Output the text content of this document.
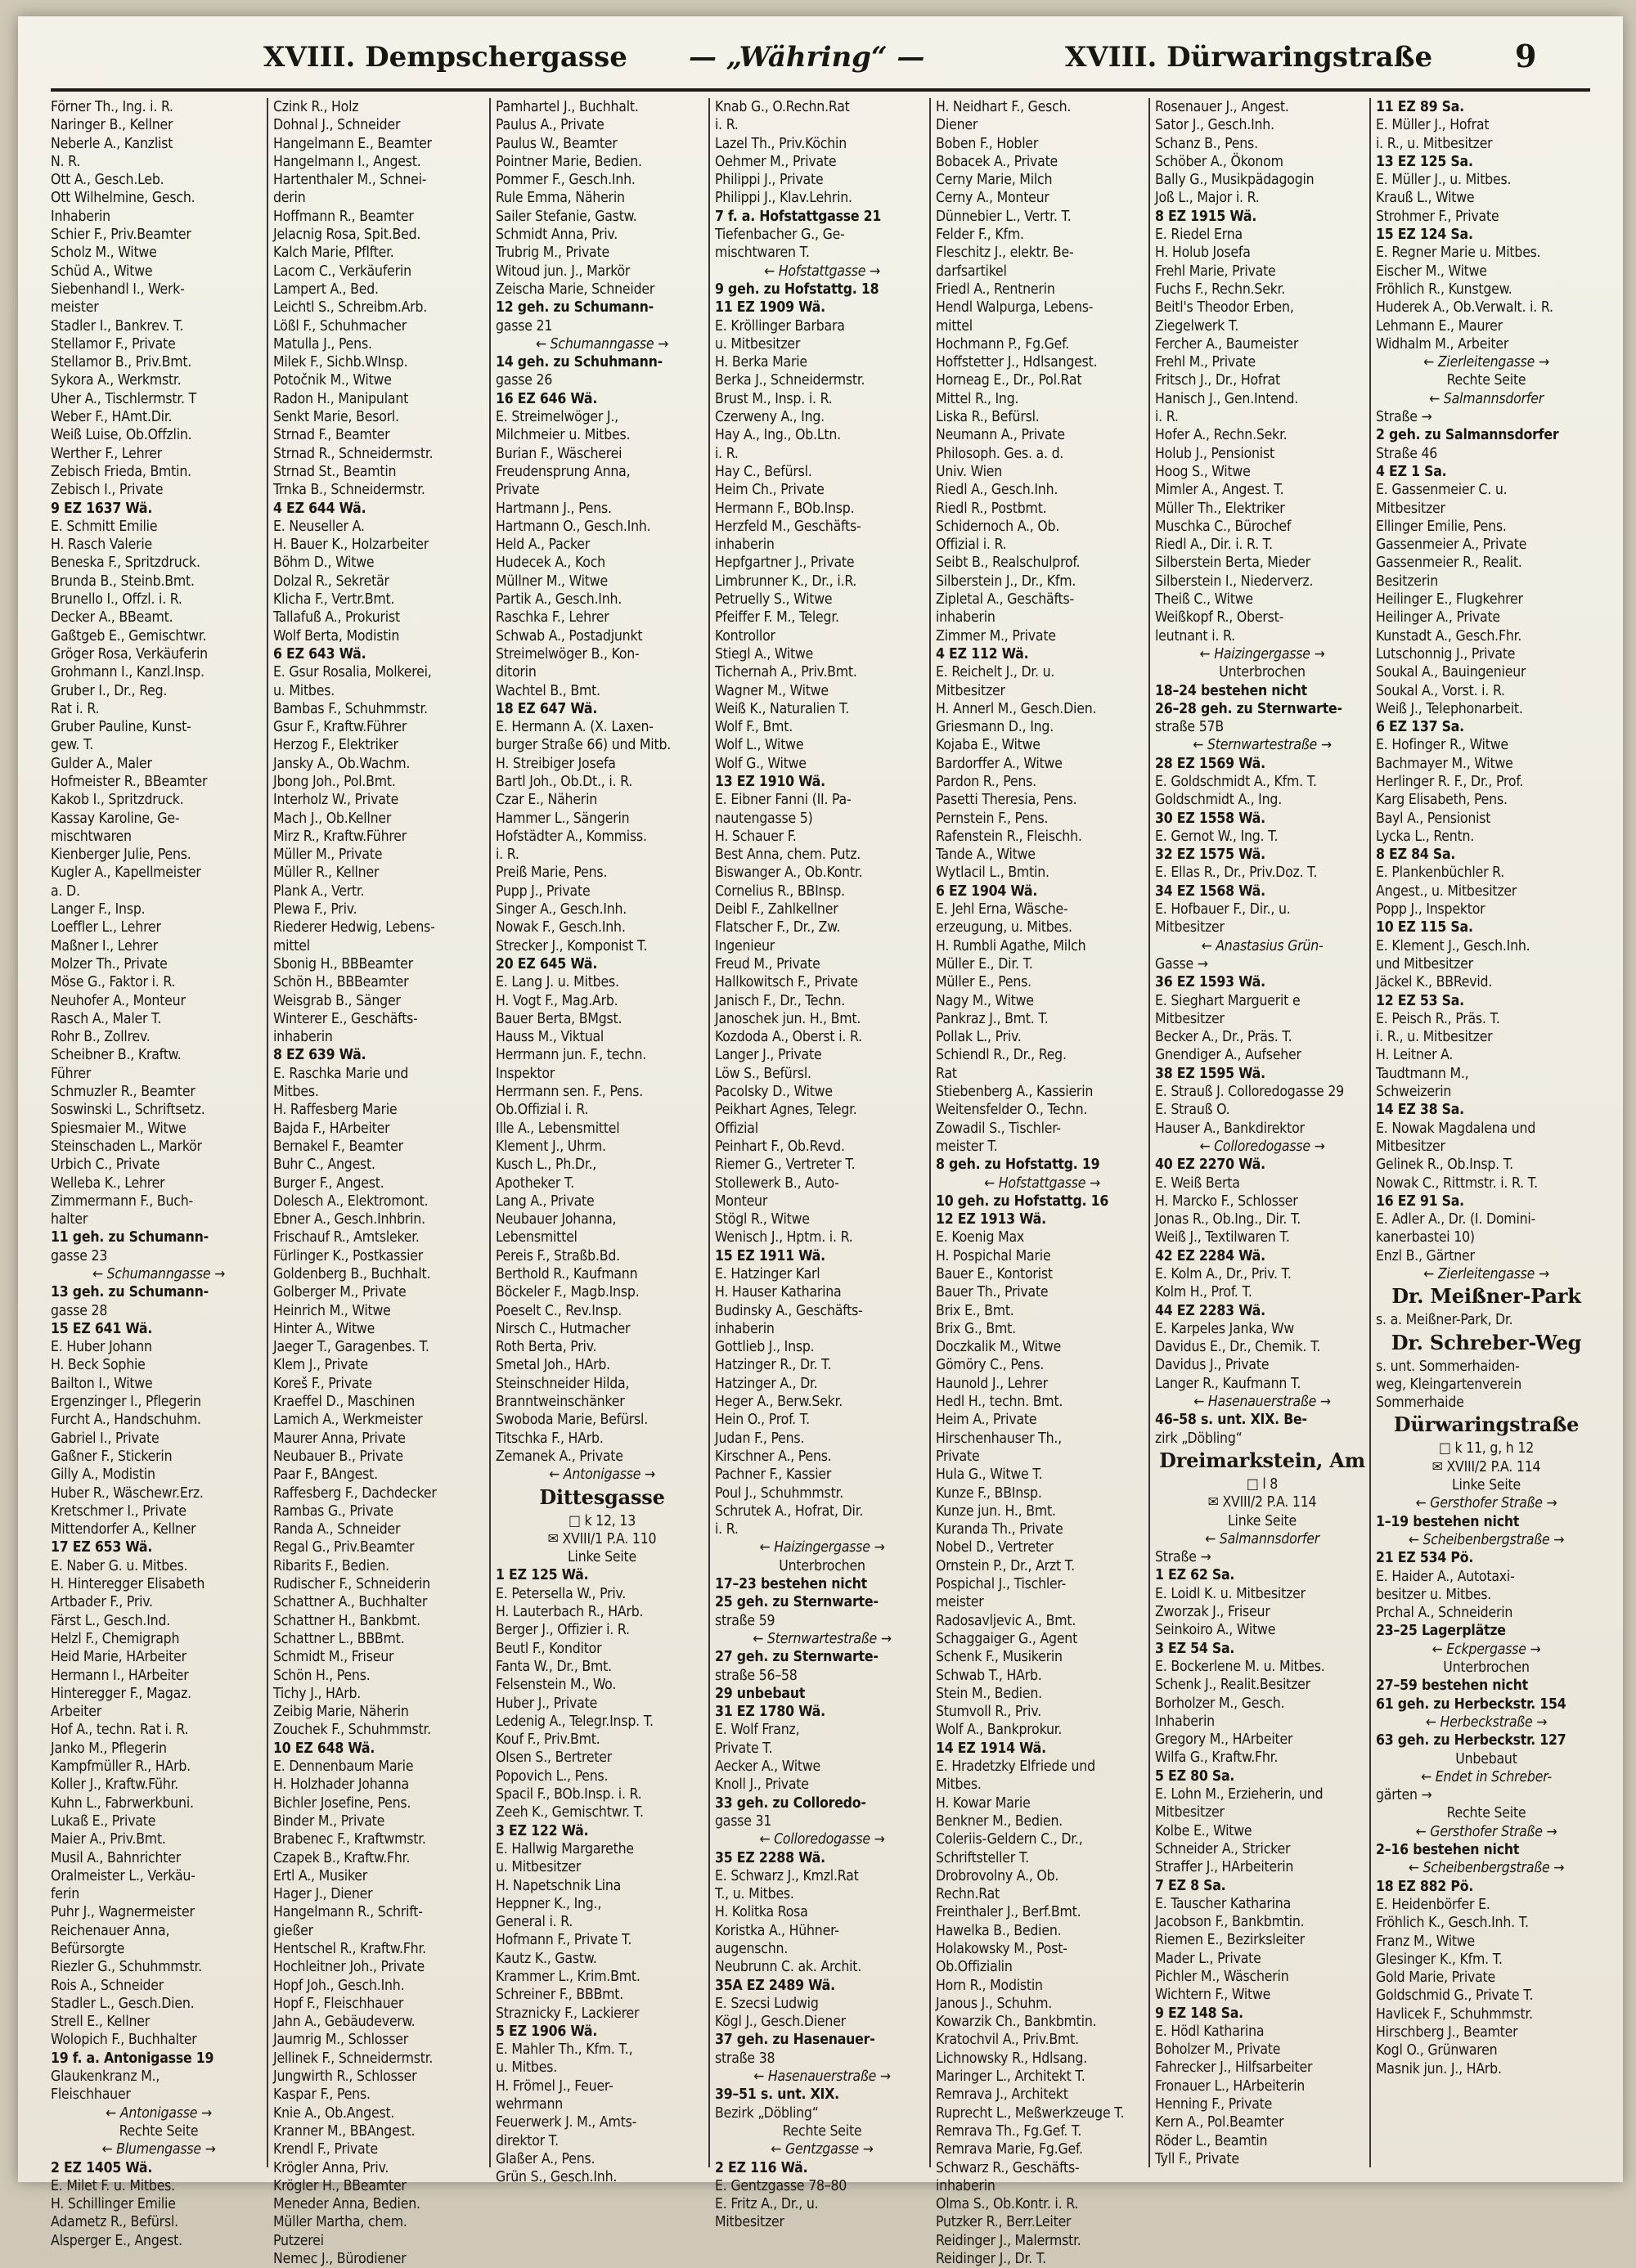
XVIII. Dempschergasse — „Währing“ —	XVIII. Dürwaringstraße	9
Förner Th., Ing. i. R.
Naringer B., Kellner
Neberle A., Kanzlist
N. R.
Ott A., Gesch.Leb.
Ott Wilhelmine, Gesch.
Inhaberin
Schier F., Priv.Beamter
Scholz M., Witwe
Schüd A., Witwe
Siebenhandl I., Werk-
meister
Stadler I., Bankrev. T.
Stellamor F., Private
Stellamor B., Priv.Bmt.
Sykora A., Werkmstr.
Uher A., Tischlermstr. T
Weber F., HAmt.Dir.
Weiß Luise, Ob.Offzlin.
Werther F., Lehrer
Zebisch Frieda, Bmtin.
Zebisch I., Private
9 EZ 1637 Wä.
E. Schmitt Emilie
H. Rasch Valerie
Beneska F., Spritzdruck.
Brunda B., Steinb.Bmt.
Brunello I., Offzl. i. R.
Decker A., BBeamt.
Gaßtgeb E., Gemischtwr.
Gröger Rosa, Verkäuferin
Grohmann I., Kanzl.Insp.
Gruber I., Dr., Reg.
Rat i. R.
Gruber Pauline, Kunst-
gew. T.
Gulder A., Maler
Hofmeister R., BBeamter
Kakob I., Spritzdruck.
Kassay Karoline, Ge-
mischtwaren
Kienberger Julie, Pens.
Kugler A., Kapellmeister
a. D.
Langer F., Insp.
Loeffler L., Lehrer
Maßner I., Lehrer
Molzer Th., Private
Möse G., Faktor i. R.
Neuhofer A., Monteur
Rasch A., Maler T.
Rohr B., Zollrev.
Scheibner B., Kraftw.
Führer
Schmuzler R., Beamter
Soswinski L., Schriftsetz.
Spiesmaier M., Witwe
Steinschaden L., Markör
Urbich C., Private
Welleba K., Lehrer
Zimmermann F., Buch-
halter
11 geh. zu Schumann-
gasse 23
← Schumanngasse →
13 geh. zu Schumann-
gasse 28
15 EZ 641 Wä.
E. Huber Johann
H. Beck Sophie
Bailton I., Witwe
Ergenzinger I., Pflegerin
Furcht A., Handschuhm.
Gabriel I., Private
Gaßner F., Stickerin
Gilly A., Modistin
Huber R., Wäschewr.Erz.
Kretschmer I., Private
Mittendorfer A., Kellner
17 EZ 653 Wä.
E. Naber G. u. Mitbes.
H. Hinteregger Elisabeth
Artbader F., Priv.
Färst L., Gesch.Ind.
Helzl F., Chemigraph
Heid Marie, HArbeiter
Hermann I., HArbeiter
Hinteregger F., Magaz.
Arbeiter
Hof A., techn. Rat i. R.
Janko M., Pflegerin
Kampfmüller R., HArb.
Koller J., Kraftw.Führ.
Kuhn L., Fabrwerkbuni.
Lukaß E., Private
Maier A., Priv.Bmt.
Musil A., Bahnrichter
Oralmeister L., Verkäu-
ferin
Puhr J., Wagnermeister
Reichenauer Anna,
Befürsorgte
Riezler G., Schuhmmstr.
Rois A., Schneider
Stadler L., Gesch.Dien.
Strell E., Kellner
Wolopich F., Buchhalter
19 f. a. Antonigasse 19
Glaukenkranz M.,
Fleischhauer
← Antonigasse →
Rechte Seite
← Blumengasse →
2 EZ 1405 Wä.
E. Milet F. u. Mitbes.
H. Schillinger Emilie
Adametz R., Befürsl.
Alsperger E., Angest.
Czink R., Holz
Dohnal J., Schneider
Hangelmann E., Beamter
Hangelmann I., Angest.
Hartenthaler M., Schnei-
derin
Hoffmann R., Beamter
Jelacnig Rosa, Spit.Bed.
Kalch Marie, Pflfter.
Lacom C., Verkäuferin
Lampert A., Bed.
Leichtl S., Schreibm.Arb.
Lößl F., Schuhmacher
Matulla J., Pens.
Milek F., Sichb.WInsp.
Potočnik M., Witwe
Radon H., Manipulant
Senkt Marie, Besorl.
Strnad F., Beamter
Strnad R., Schneidermstr.
Strnad St., Beamtin
Trnka B., Schneidermstr.
4 EZ 644 Wä.
E. Neuseller A.
H. Bauer K., Holzarbeiter
Böhm D., Witwe
Dolzal R., Sekretär
Klicha F., Vertr.Bmt.
Tallafuß A., Prokurist
Wolf Berta, Modistin
6 EZ 643 Wä.
E. Gsur Rosalia, Molkerei,
u. Mitbes.
Bambas F., Schuhmmstr.
Gsur F., Kraftw.Führer
Herzog F., Elektriker
Jansky A., Ob.Wachm.
Jbong Joh., Pol.Bmt.
Interholz W., Private
Mach J., Ob.Kellner
Mirz R., Kraftw.Führer
Müller M., Private
Müller R., Kellner
Plank A., Vertr.
Plewa F., Priv.
Riederer Hedwig, Lebens-
mittel
Sbonig H., BBBeamter
Schön H., BBBeamter
Weisgrab B., Sänger
Winterer E., Geschäfts-
inhaberin
8 EZ 639 Wä.
E. Raschka Marie und
Mitbes.
H. Raffesberg Marie
Bajda F., HArbeiter
Bernakel F., Beamter
Buhr C., Angest.
Burger F., Angest.
Dolesch A., Elektromont.
Ebner A., Gesch.Inhbrin.
Frischauf R., Amtsleker.
Fürlinger K., Postkassier
Goldenberg B., Buchhalt.
Golberger M., Private
Heinrich M., Witwe
Hinter A., Witwe
Jaeger T., Garagenbes. T.
Klem J., Private
Koreš F., Private
Kraeffel D., Maschinen
Lamich A., Werkmeister
Maurer Anna, Private
Neubauer B., Private
Paar F., BAngest.
Raffesberg F., Dachdecker
Rambas G., Private
Randa A., Schneider
Regal G., Priv.Beamter
Ribarits F., Bedien.
Rudischer F., Schneiderin
Schattner A., Buchhalter
Schattner H., Bankbmt.
Schattner L., BBBmt.
Schmidt M., Friseur
Schön H., Pens.
Tichy J., HArb.
Zeibig Marie, Näherin
Zouchek F., Schuhmmstr.
10 EZ 648 Wä.
E. Dennenbaum Marie
H. Holzhader Johanna
Bichler Josefine, Pens.
Binder M., Private
Brabenec F., Kraftwmstr.
Czapek B., Kraftw.Fhr.
Ertl A., Musiker
Hager J., Diener
Hangelmann R., Schrift-
gießer
Hentschel R., Kraftw.Fhr.
Hochleitner Joh., Private
Hopf Joh., Gesch.Inh.
Hopf F., Fleischhauer
Jahn A., Gebäudeverw.
Jaumrig M., Schlosser
Jellinek F., Schneidermstr.
Jungwirth R., Schlosser
Kaspar F., Pens.
Knie A., Ob.Angest.
Kranner M., BBAngest.
Krendl F., Private
Krögler Anna, Priv.
Krögler H., BBeamter
Meneder Anna, Bedien.
Müller Martha, chem.
Putzerei
Nemec J., Bürodiener
Pamhartel J., Buchhalt.
Paulus A., Private
Paulus W., Beamter
Pointner Marie, Bedien.
Pommer F., Gesch.Inh.
Rule Emma, Näherin
Sailer Stefanie, Gastw.
Schmidt Anna, Priv.
Trubrig M., Private
Witoud jun. J., Markör
Zeischa Marie, Schneider
12 geh. zu Schumann-
gasse 21
← Schumanngasse →
14 geh. zu Schuhmann-
gasse 26
16 EZ 646 Wä.
E. Streimelwöger J.,
Milchmeier u. Mitbes.
Burian F., Wäscherei
Freudensprung Anna,
Private
Hartmann J., Pens.
Hartmann O., Gesch.Inh.
Held A., Packer
Hudecek A., Koch
Müllner M., Witwe
Partik A., Gesch.Inh.
Raschka F., Lehrer
Schwab A., Postadjunkt
Streimelwöger B., Kon-
ditorin
Wachtel B., Bmt.
18 EZ 647 Wä.
E. Hermann A. (X. Laxen-
burger Straße 66) und Mitb.
H. Streibiger Josefa
Bartl Joh., Ob.Dt., i. R.
Czar E., Näherin
Hammer L., Sängerin
Hofstädter A., Kommiss.
i. R.
Preiß Marie, Pens.
Pupp J., Private
Singer A., Gesch.Inh.
Nowak F., Gesch.Inh.
Strecker J., Komponist T.
20 EZ 645 Wä.
E. Lang J. u. Mitbes.
H. Vogt F., Mag.Arb.
Bauer Berta, BMgst.
Hauss M., Viktual
Herrmann jun. F., techn.
Inspektor
Herrmann sen. F., Pens.
Ob.Offizial i. R.
Ille A., Lebensmittel
Klement J., Uhrm.
Kusch L., Ph.Dr.,
Apotheker T.
Lang A., Private
Neubauer Johanna,
Lebensmittel
Pereis F., Straßb.Bd.
Berthold R., Kaufmann
Böckeler F., Magb.Insp.
Poeselt C., Rev.Insp.
Nirsch C., Hutmacher
Roth Berta, Priv.
Smetal Joh., HArb.
Steinschneider Hilda,
Branntweinschänker
Swoboda Marie, Befürsl.
Titschka F., HArb.
Zemanek A., Private
← Antonigasse →
Dittesgasse
□ k 12, 13
✉ XVIII/1 P.A. 110
Linke Seite
1 EZ 125 Wä.
E. Petersella W., Priv.
H. Lauterbach R., HArb.
Berger J., Offizier i. R.
Beutl F., Konditor
Fanta W., Dr., Bmt.
Felsenstein M., Wo.
Huber J., Private
Ledenig A., Telegr.Insp. T.
Kouf F., Priv.Bmt.
Olsen S., Bertreter
Popovich L., Pens.
Spacil F., BOb.Insp. i. R.
Zeeh K., Gemischtwr. T.
3 EZ 122 Wä.
E. Hallwig Margarethe
u. Mitbesitzer
H. Napetschnik Lina
Heppner K., Ing.,
General i. R.
Hofmann F., Private T.
Kautz K., Gastw.
Krammer L., Krim.Bmt.
Schreiner F., BBBmt.
Straznicky F., Lackierer
5 EZ 1906 Wä.
E. Mahler Th., Kfm. T.,
u. Mitbes.
H. Frömel J., Feuer-
wehrmann
Feuerwerk J. M., Amts-
direktor T.
Glaßer A., Pens.
Grün S., Gesch.Inh.
Knab G., O.Rechn.Rat
i. R.
Lazel Th., Priv.Köchin
Oehmer M., Private
Philippi J., Private
Philippi J., Klav.Lehrin.
7 f. a. Hofstattgasse 21
Tiefenbacher G., Ge-
mischtwaren T.
← Hofstattgasse →
9 geh. zu Hofstattg. 18
11 EZ 1909 Wä.
E. Kröllinger Barbara
u. Mitbesitzer
H. Berka Marie
Berka J., Schneidermstr.
Brust M., Insp. i. R.
Czerweny A., Ing.
Hay A., Ing., Ob.Ltn.
i. R.
Hay C., Befürsl.
Heim Ch., Private
Hermann F., BOb.Insp.
Herzfeld M., Geschäfts-
inhaberin
Hepfgartner J., Private
Limbrunner K., Dr., i.R.
Petruelly S., Witwe
Pfeiffer F. M., Telegr.
Kontrollor
Stiegl A., Witwe
Tichernah A., Priv.Bmt.
Wagner M., Witwe
Weiß K., Naturalien T.
Wolf F., Bmt.
Wolf L., Witwe
Wolf G., Witwe
13 EZ 1910 Wä.
E. Eibner Fanni (II. Pa-
nautengasse 5)
H. Schauer F.
Best Anna, chem. Putz.
Biswanger A., Ob.Kontr.
Cornelius R., BBInsp.
Deibl F., Zahlkellner
Flatscher F., Dr., Zw.
Ingenieur
Freud M., Private
Hallkowitsch F., Private
Janisch F., Dr., Techn.
Janoschek jun. H., Bmt.
Kozdoda A., Oberst i. R.
Langer J., Private
Löw S., Befürsl.
Pacolsky D., Witwe
Peikhart Agnes, Telegr.
Offizial
Peinhart F., Ob.Revd.
Riemer G., Vertreter T.
Stollewerk B., Auto-
Monteur
Stögl R., Witwe
Wenisch J., Hptm. i. R.
15 EZ 1911 Wä.
E. Hatzinger Karl
H. Hauser Katharina
Budinsky A., Geschäfts-
inhaberin
Gottlieb J., Insp.
Hatzinger R., Dr. T.
Hatzinger A., Dr.
Heger A., Berw.Sekr.
Hein O., Prof. T.
Judan F., Pens.
Kirschner A., Pens.
Pachner F., Kassier
Poul J., Schuhmmstr.
Schrutek A., Hofrat, Dir.
i. R.
← Haizingergasse →
Unterbrochen
17–23 bestehen nicht
25 geh. zu Sternwarte-
straße 59
← Sternwartestraße →
27 geh. zu Sternwarte-
straße 56–58
29 unbebaut
31 EZ 1780 Wä.
E. Wolf Franz,
Private T.
Aecker A., Witwe
Knoll J., Private
33 geh. zu Colloredo-
gasse 31
← Colloredogasse →
35 EZ 2288 Wä.
E. Schwarz J., Kmzl.Rat
T., u. Mitbes.
H. Kolitka Rosa
Koristka A., Hühner-
augenschn.
Neubrunn C. ak. Archit.
35A EZ 2489 Wä.
E. Szecsi Ludwig
Kögl J., Gesch.Diener
37 geh. zu Hasenauer-
straße 38
← Hasenauerstraße →
39–51 s. unt. XIX.
Bezirk „Döbling“
Rechte Seite
← Gentzgasse →
2 EZ 116 Wä.
E. Gentzgasse 78–80
E. Fritz A., Dr., u.
Mitbesitzer
H. Neidhart F., Gesch.
Diener
Boben F., Hobler
Bobacek A., Private
Cerny Marie, Milch
Cerny A., Monteur
Dünnebier L., Vertr. T.
Felder F., Kfm.
Fleschitz J., elektr. Be-
darfsartikel
Friedl A., Rentnerin
Hendl Walpurga, Lebens-
mittel
Hochmann P., Fg.Gef.
Hoffstetter J., Hdlsangest.
Horneag E., Dr., Pol.Rat
Mittel R., Ing.
Liska R., Befürsl.
Neumann A., Private
Philosoph. Ges. a. d.
Univ. Wien
Riedl A., Gesch.Inh.
Riedl R., Postbmt.
Schidernoch A., Ob.
Offizial i. R.
Seibt B., Realschulprof.
Silberstein J., Dr., Kfm.
Zipletal A., Geschäfts-
inhaberin
Zimmer M., Private
4 EZ 112 Wä.
E. Reichelt J., Dr. u.
Mitbesitzer
H. Annerl M., Gesch.Dien.
Griesmann D., Ing.
Kojaba E., Witwe
Bardorffer A., Witwe
Pardon R., Pens.
Pasetti Theresia, Pens.
Pernstein F., Pens.
Rafenstein R., Fleischh.
Tande A., Witwe
Wytlacil L., Bmtin.
6 EZ 1904 Wä.
E. Jehl Erna, Wäsche-
erzeugung, u. Mitbes.
H. Rumbli Agathe, Milch
Müller E., Dir. T.
Müller E., Pens.
Nagy M., Witwe
Pankraz J., Bmt. T.
Pollak L., Priv.
Schiendl R., Dr., Reg.
Rat
Stiebenberg A., Kassierin
Weitensfelder O., Techn.
Zowadil S., Tischler-
meister T.
8 geh. zu Hofstattg. 19
← Hofstattgasse →
10 geh. zu Hofstattg. 16
12 EZ 1913 Wä.
E. Koenig Max
H. Pospichal Marie
Bauer E., Kontorist
Bauer Th., Private
Brix E., Bmt.
Brix G., Bmt.
Doczkalik M., Witwe
Gömöry C., Pens.
Haunold J., Lehrer
Hedl H., techn. Bmt.
Heim A., Private
Hirschenhauser Th.,
Private
Hula G., Witwe T.
Kunze F., BBInsp.
Kunze jun. H., Bmt.
Kuranda Th., Private
Nobel D., Vertreter
Ornstein P., Dr., Arzt T.
Pospichal J., Tischler-
meister
Radosavljevic A., Bmt.
Schaggaiger G., Agent
Schenk F., Musikerin
Schwab T., HArb.
Stein M., Bedien.
Stumvoll R., Priv.
Wolf A., Bankprokur.
14 EZ 1914 Wä.
E. Hradetzky Elfriede und
Mitbes.
H. Kowar Marie
Benkner M., Bedien.
Coleriis-Geldern C., Dr.,
Schriftsteller T.
Drobrovolny A., Ob.
Rechn.Rat
Freinthaler J., Berf.Bmt.
Hawelka B., Bedien.
Holakowsky M., Post-
Ob.Offizialin
Horn R., Modistin
Janous J., Schuhm.
Kowarzik Ch., Bankbmtin.
Kratochvil A., Priv.Bmt.
Lichnowsky R., Hdlsang.
Maringer L., Architekt T.
Remrava J., Architekt
Ruprecht L., Meßwerkzeuge T.
Remrava Th., Fg.Gef. T.
Remrava Marie, Fg.Gef.
Schwarz R., Geschäfts-
inhaberin
Olma S., Ob.Kontr. i. R.
Putzker R., Berr.Leiter
Reidinger J., Malermstr.
Reidinger J., Dr. T.
Rosenauer J., Angest.
Sator J., Gesch.Inh.
Schanz B., Pens.
Schöber A., Ökonom
Bally G., Musikpädagogin
Joß L., Major i. R.
8 EZ 1915 Wä.
E. Riedel Erna
H. Holub Josefa
Frehl Marie, Private
Fuchs F., Rechn.Sekr.
Beitl's Theodor Erben,
Ziegelwerk T.
Fercher A., Baumeister
Frehl M., Private
Fritsch J., Dr., Hofrat
Hanisch J., Gen.Intend.
i. R.
Hofer A., Rechn.Sekr.
Holub J., Pensionist
Hoog S., Witwe
Mimler A., Angest. T.
Müller Th., Elektriker
Muschka C., Bürochef
Riedl A., Dir. i. R. T.
Silberstein Berta, Mieder
Silberstein I., Niederverz.
Theiß C., Witwe
Weißkopf R., Oberst-
leutnant i. R.
← Haizingergasse →
Unterbrochen
18–24 bestehen nicht
26–28 geh. zu Sternwarte-
straße 57B
← Sternwartestraße →
28 EZ 1569 Wä.
E. Goldschmidt A., Kfm. T.
Goldschmidt A., Ing.
30 EZ 1558 Wä.
E. Gernot W., Ing. T.
32 EZ 1575 Wä.
E. Ellas R., Dr., Priv.Doz. T.
34 EZ 1568 Wä.
E. Hofbauer F., Dir., u.
Mitbesitzer
← Anastasius Grün-
Gasse →
36 EZ 1593 Wä.
E. Sieghart Marguerit e
Mitbesitzer
Becker A., Dr., Präs. T.
Gnendiger A., Aufseher
38 EZ 1595 Wä.
E. Strauß J. Colloredogasse 29
E. Strauß O.
Hauser A., Bankdirektor
← Colloredogasse →
40 EZ 2270 Wä.
E. Weiß Berta
H. Marcko F., Schlosser
Jonas R., Ob.Ing., Dir. T.
Weiß J., Textilwaren T.
42 EZ 2284 Wä.
E. Kolm A., Dr., Priv. T.
Kolm H., Prof. T.
44 EZ 2283 Wä.
E. Karpeles Janka, Ww
Davidus E., Dr., Chemik. T.
Davidus J., Private
Langer R., Kaufmann T.
← Hasenauerstraße →
46–58 s. unt. XIX. Be-
zirk „Döbling“
Dreimarkstein, Am
□ l 8
✉ XVIII/2 P.A. 114
Linke Seite
← Salmannsdorfer
Straße →
1 EZ 62 Sa.
E. Loidl K. u. Mitbesitzer
Zworzak J., Friseur
Seinkoiro A., Witwe
3 EZ 54 Sa.
E. Bockerlene M. u. Mitbes.
Schenk J., Realit.Besitzer
Borholzer M., Gesch.
Inhaberin
Gregory M., HArbeiter
Wilfa G., Kraftw.Fhr.
5 EZ 80 Sa.
E. Lohn M., Erzieherin, und
Mitbesitzer
Kolbe E., Witwe
Schneider A., Stricker
Straffer J., HArbeiterin
7 EZ 8 Sa.
E. Tauscher Katharina
Jacobson F., Bankbmtin.
Riemen E., Bezirksleiter
Mader L., Private
Pichler M., Wäscherin
Wichtern F., Witwe
9 EZ 148 Sa.
E. Hödl Katharina
Boholzer M., Private
Fahrecker J., Hilfsarbeiter
Fronauer L., HArbeiterin
Henning F., Private
Kern A., Pol.Beamter
Röder L., Beamtin
Tyll F., Private
11 EZ 89 Sa.
E. Müller J., Hofrat
i. R., u. Mitbesitzer
13 EZ 125 Sa.
E. Müller J., u. Mitbes.
Krauß L., Witwe
Strohmer F., Private
15 EZ 124 Sa.
E. Regner Marie u. Mitbes.
Eischer M., Witwe
Fröhlich R., Kunstgew.
Huderek A., Ob.Verwalt. i. R.
Lehmann E., Maurer
Widhalm M., Arbeiter
← Zierleitengasse →
Rechte Seite
← Salmannsdorfer
Straße →
2 geh. zu Salmannsdorfer
Straße 46
4 EZ 1 Sa.
E. Gassenmeier C. u.
Mitbesitzer
Ellinger Emilie, Pens.
Gassenmeier A., Private
Gassenmeier R., Realit.
Besitzerin
Heilinger E., Flugkehrer
Heilinger A., Private
Kunstadt A., Gesch.Fhr.
Lutschonnig J., Private
Soukal A., Bauingenieur
Soukal A., Vorst. i. R.
Weiß J., Telephonarbeit.
6 EZ 137 Sa.
E. Hofinger R., Witwe
Bachmayer M., Witwe
Herlinger R. F., Dr., Prof.
Karg Elisabeth, Pens.
Bayl A., Pensionist
Lycka L., Rentn.
8 EZ 84 Sa.
E. Plankenbüchler R.
Angest., u. Mitbesitzer
Popp J., Inspektor
10 EZ 115 Sa.
E. Klement J., Gesch.Inh.
und Mitbesitzer
Jäckel K., BBRevid.
12 EZ 53 Sa.
E. Peisch R., Präs. T.
i. R., u. Mitbesitzer
H. Leitner A.
Taudtmann M.,
Schweizerin
14 EZ 38 Sa.
E. Nowak Magdalena und
Mitbesitzer
Gelinek R., Ob.Insp. T.
Nowak C., Rittmstr. i. R. T.
16 EZ 91 Sa.
E. Adler A., Dr. (I. Domini-
kanerbastei 10)
Enzl B., Gärtner
← Zierleitengasse →
Dr. Meißner-Park
s. a. Meißner-Park, Dr.
Dr. Schreber-Weg
s. unt. Sommerhaiden-
weg, Kleingartenverein
Sommerhaide
Dürwaringstraße
□ k 11, g, h 12
✉ XVIII/2 P.A. 114
Linke Seite
← Gersthofer Straße →
1–19 bestehen nicht
← Scheibenbergstraße →
21 EZ 534 Pö.
E. Haider A., Autotaxi-
besitzer u. Mitbes.
Prchal A., Schneiderin
23–25 Lagerplätze
← Eckpergasse →
Unterbrochen
27–59 bestehen nicht
61 geh. zu Herbeckstr. 154
← Herbeckstraße →
63 geh. zu Herbeckstr. 127
Unbebaut
← Endet in Schreber-
gärten →
Rechte Seite
← Gersthofer Straße →
2–16 bestehen nicht
← Scheibenbergstraße →
18 EZ 882 Pö.
E. Heidenbörfer E.
Fröhlich K., Gesch.Inh. T.
Franz M., Witwe
Glesinger K., Kfm. T.
Gold Marie, Private
Goldschmid G., Private T.
Havlicek F., Schuhmmstr.
Hirschberg J., Beamter
Kogl O., Grünwaren
Masnik jun. J., HArb.
